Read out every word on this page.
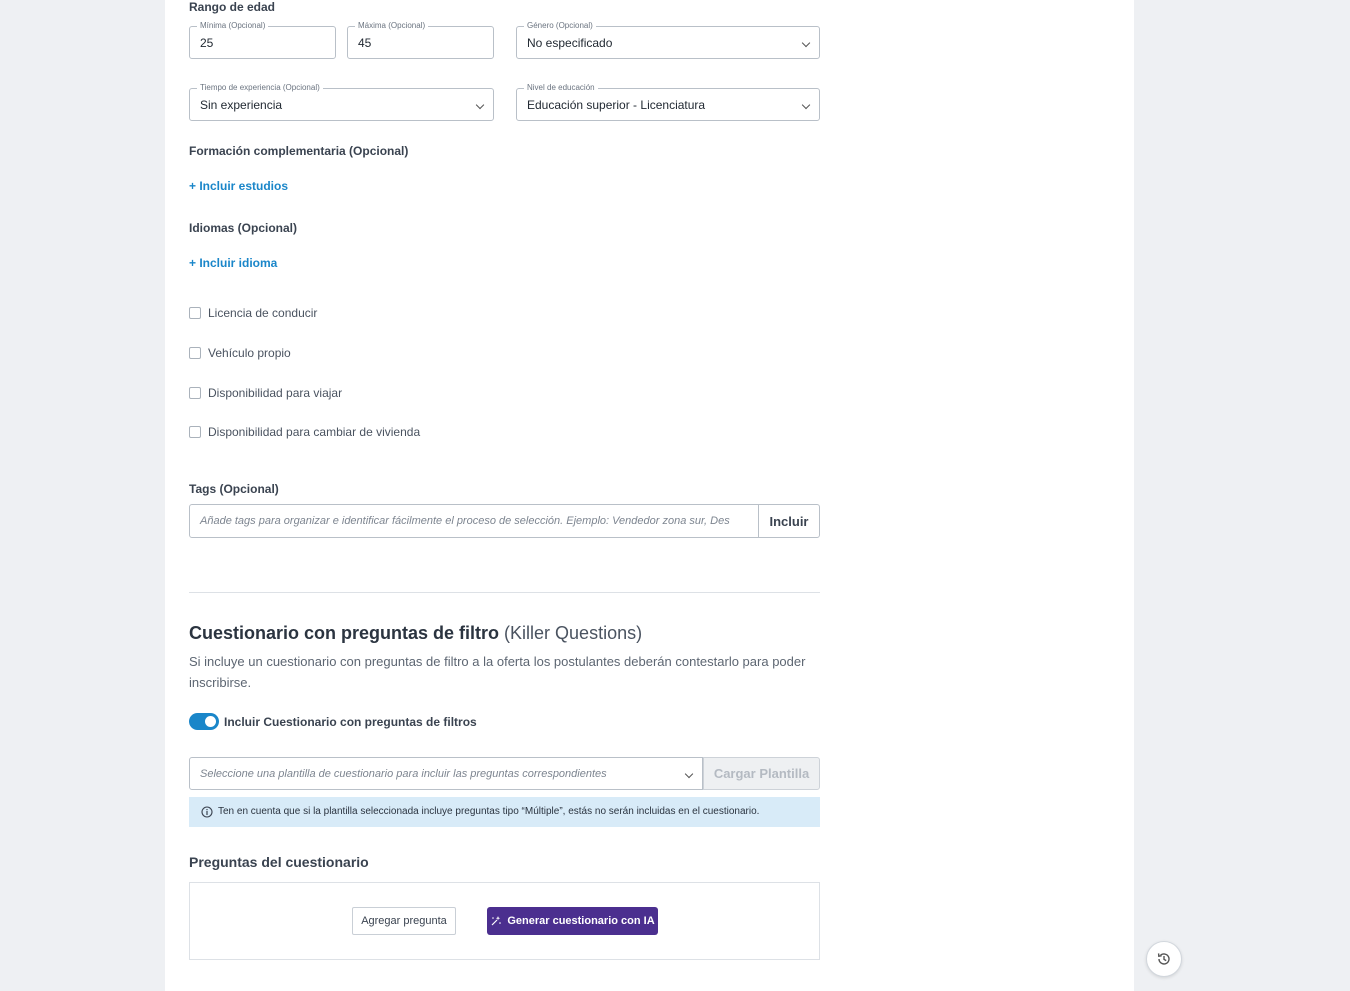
Rango de edad
Mínima (Opcional)
25
Máxima (Opcional)
45
Género (Opcional)
No especificado
Tiempo de experiencia (Opcional)
Sin experiencia
Nivel de educación
Educación superior - Licenciatura
Formación complementaria (Opcional)
+ Incluir estudios
Idiomas (Opcional)
+ Incluir idioma
Licencia de conducir
Vehículo propio
Disponibilidad para viajar
Disponibilidad para cambiar de vivienda
Tags (Opcional)
Añade tags para organizar e identificar fácilmente el proceso de selección. Ejemplo: Vendedor zona sur, Des	Incluir
Cuestionario con preguntas de filtro (Killer Questions)
Si incluye un cuestionario con preguntas de filtro a la oferta los postulantes deberán contestarlo para poder inscribirse.
Incluir Cuestionario con preguntas de filtros
Seleccione una plantilla de cuestionario para incluir las preguntas correspondientes	Cargar Plantilla
Ten en cuenta que si la plantilla seleccionada incluye preguntas tipo “Múltiple”, estás no serán incluidas en el cuestionario.
Preguntas del cuestionario
Agregar pregunta	Generar cuestionario con IA
